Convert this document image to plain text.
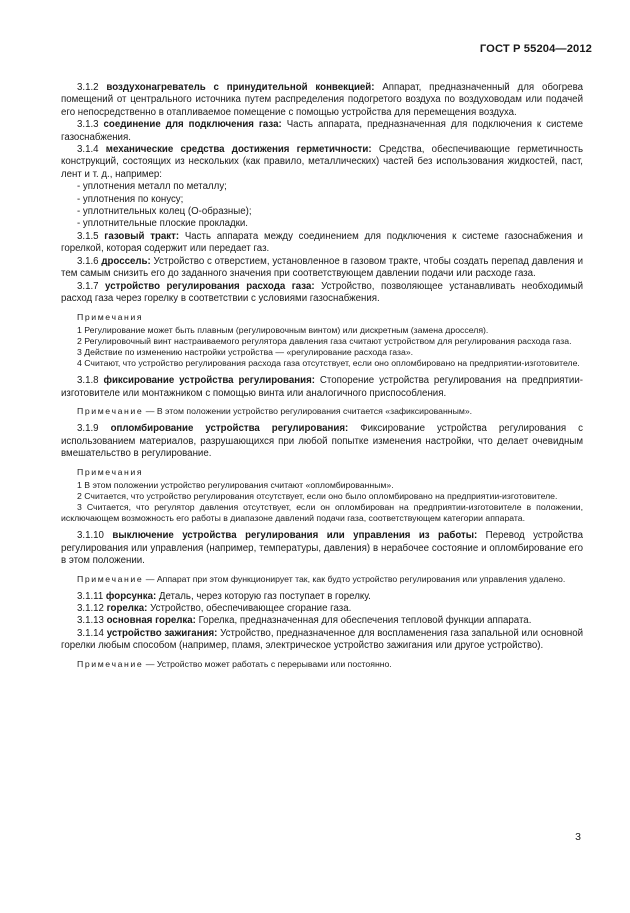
ГОСТ Р 55204—2012

3.1.2 воздухонагреватель с принудительной конвекцией: Аппарат, предназначенный для обогрева помещений от центрального источника путем распределения подогретого воздуха по воздуховодам или подачей его непосредственно в отапливаемое помещение с помощью устройства для перемещения воздуха.

3.1.3 соединение для подключения газа: Часть аппарата, предназначенная для подключения к системе газоснабжения.

3.1.4 механические средства достижения герметичности: Средства, обеспечивающие герметичность конструкций, состоящих из нескольких (как правило, металлических) частей без использования жидкостей, паст, лент и т. д., например:

- уплотнения металл по металлу;

- уплотнения по конусу;

- уплотнительных колец (О-образные);

- уплотнительные плоские прокладки.

3.1.5 газовый тракт: Часть аппарата между соединением для подключения к системе газоснабжения и горелкой, которая содержит или передает газ.

3.1.6 дроссель: Устройство с отверстием, установленное в газовом тракте, чтобы создать перепад давления и тем самым снизить его до заданного значения при соответствующем давлении подачи или расходе газа.

3.1.7 устройство регулирования расхода газа: Устройство, позволяющее устанавливать необходимый расход газа через горелку в соответствии с условиями газоснабжения.

Примечания

1 Регулирование может быть плавным (регулировочным винтом) или дискретным (замена дросселя).

2 Регулировочный винт настраиваемого регулятора давления газа считают устройством для регулирования расхода газа.

3 Действие по изменению настройки устройства — «регулирование расхода газа».

4 Считают, что устройство регулирования расхода газа отсутствует, если оно опломбировано на предприятии-изготовителе.

3.1.8 фиксирование устройства регулирования: Стопорение устройства регулирования на предприятии-изготовителе или монтажником с помощью винта или аналогичного приспособления.

Примечание — В этом положении устройство регулирования считается «зафиксированным».

3.1.9 опломбирование устройства регулирования: Фиксирование устройства регулирования с использованием материалов, разрушающихся при любой попытке изменения настройки, что делает очевидным вмешательство в регулирование.

Примечания

1 В этом положении устройство регулирования считают «опломбированным».

2 Считается, что устройство регулирования отсутствует, если оно было опломбировано на предприятии-изготовителе.

3 Считается, что регулятор давления отсутствует, если он опломбирован на предприятии-изготовителе в положении, исключающем возможность его работы в диапазоне давлений подачи газа, соответствующем категории аппарата.

3.1.10 выключение устройства регулирования или управления из работы: Перевод устройства регулирования или управления (например, температуры, давления) в нерабочее состояние и опломбирование его в этом положении.

Примечание — Аппарат при этом функционирует так, как будто устройство регулирования или управления удалено.

3.1.11 форсунка: Деталь, через которую газ поступает в горелку.

3.1.12 горелка: Устройство, обеспечивающее сгорание газа.

3.1.13 основная горелка: Горелка, предназначенная для обеспечения тепловой функции аппарата.

3.1.14 устройство зажигания: Устройство, предназначенное для воспламенения газа запальной или основной горелки любым способом (например, пламя, электрическое устройство зажигания или другое устройство).

Примечание — Устройство может работать с перерывами или постоянно.

3
